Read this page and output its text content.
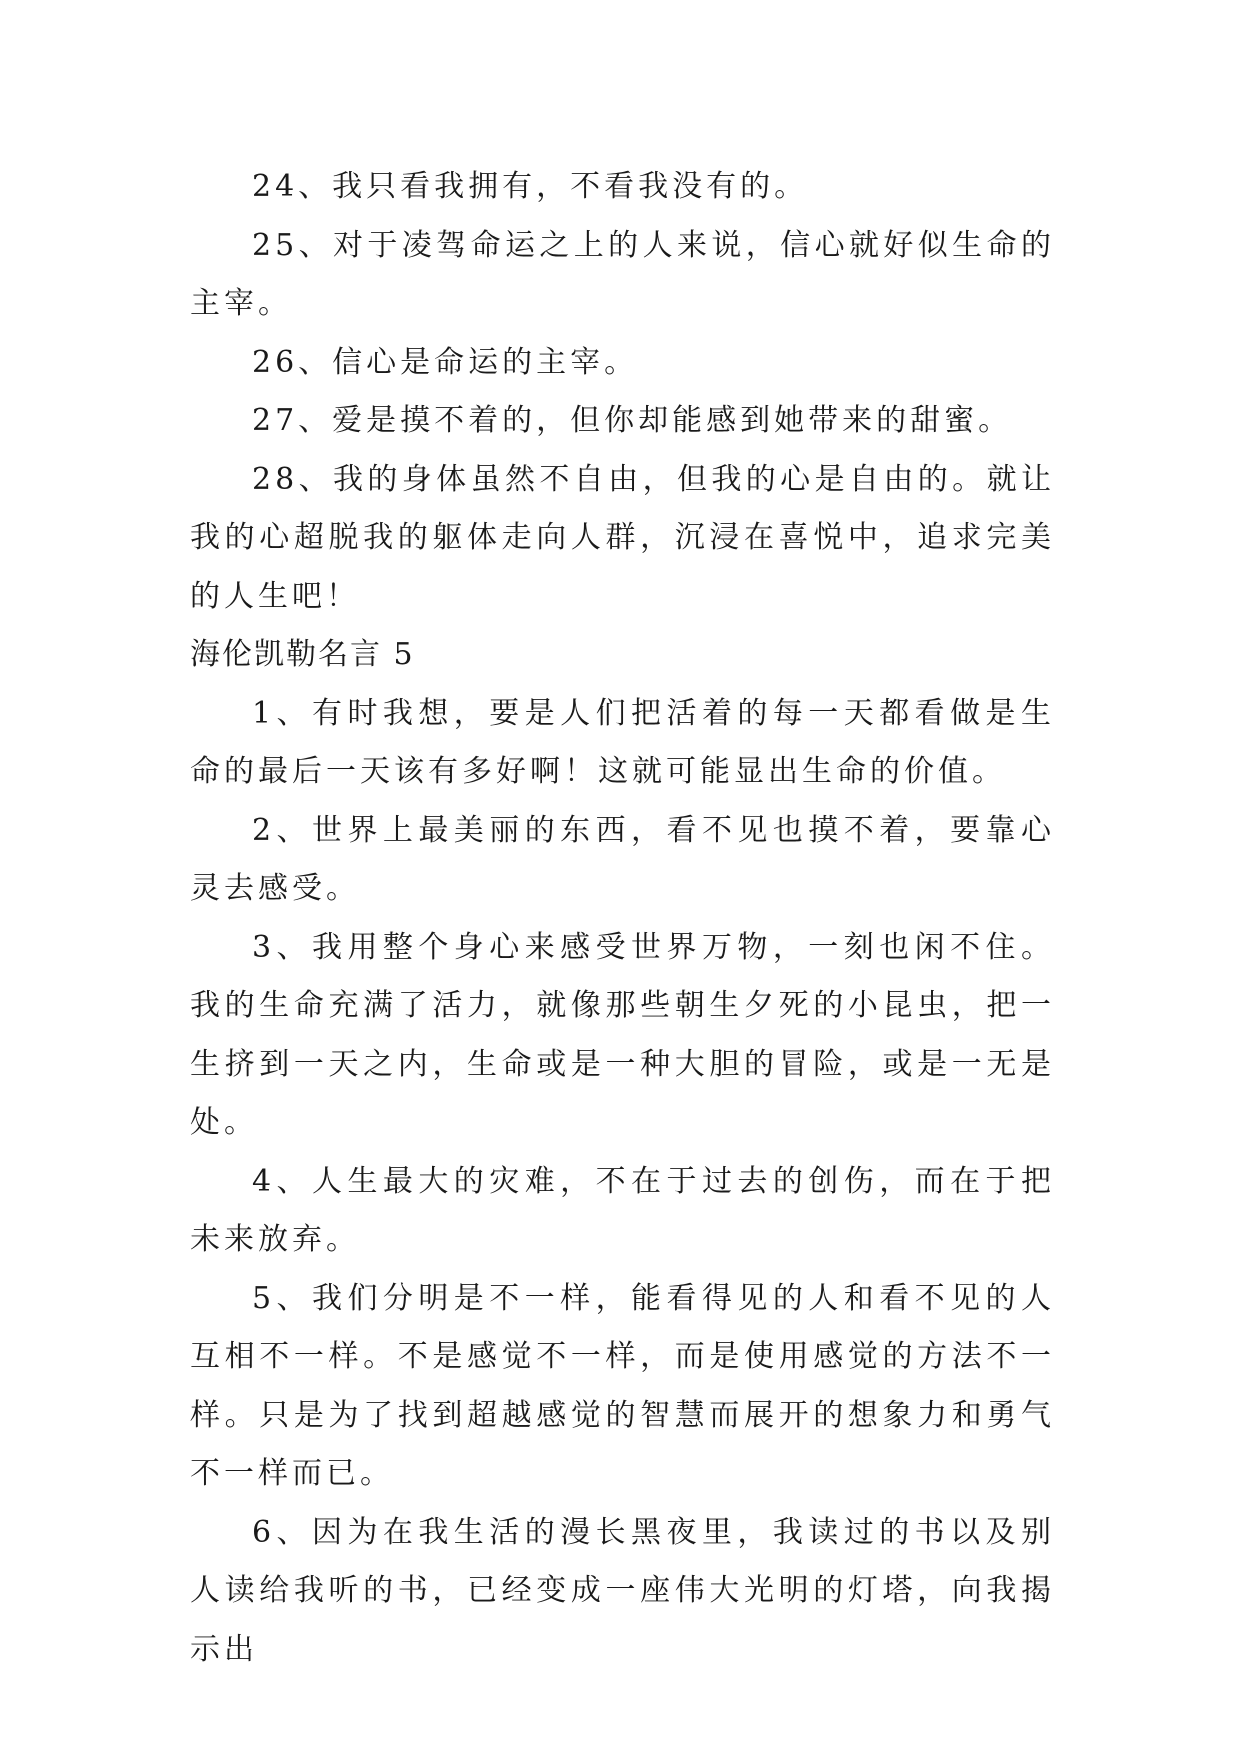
24、我只看我拥有，不看我没有的。

25、对于凌驾命运之上的人来说，信心就好似生命的主宰。

26、信心是命运的主宰。

27、爱是摸不着的，但你却能感到她带来的甜蜜。

28、我的身体虽然不自由，但我的心是自由的。就让我的心超脱我的躯体走向人群，沉浸在喜悦中，追求完美的人生吧！

海伦凯勒名言 5

1、有时我想，要是人们把活着的每一天都看做是生命的最后一天该有多好啊！这就可能显出生命的价值。

2、世界上最美丽的东西，看不见也摸不着，要靠心灵去感受。

3、我用整个身心来感受世界万物，一刻也闲不住。我的生命充满了活力，就像那些朝生夕死的小昆虫，把一生挤到一天之内，生命或是一种大胆的冒险，或是一无是处。

4、人生最大的灾难，不在于过去的创伤，而在于把未来放弃。

5、我们分明是不一样，能看得见的人和看不见的人互相不一样。不是感觉不一样，而是使用感觉的方法不一样。只是为了找到超越感觉的智慧而展开的想象力和勇气不一样而已。

6、因为在我生活的漫长黑夜里，我读过的书以及别人读给我听的书，已经变成一座伟大光明的灯塔，向我揭示出
